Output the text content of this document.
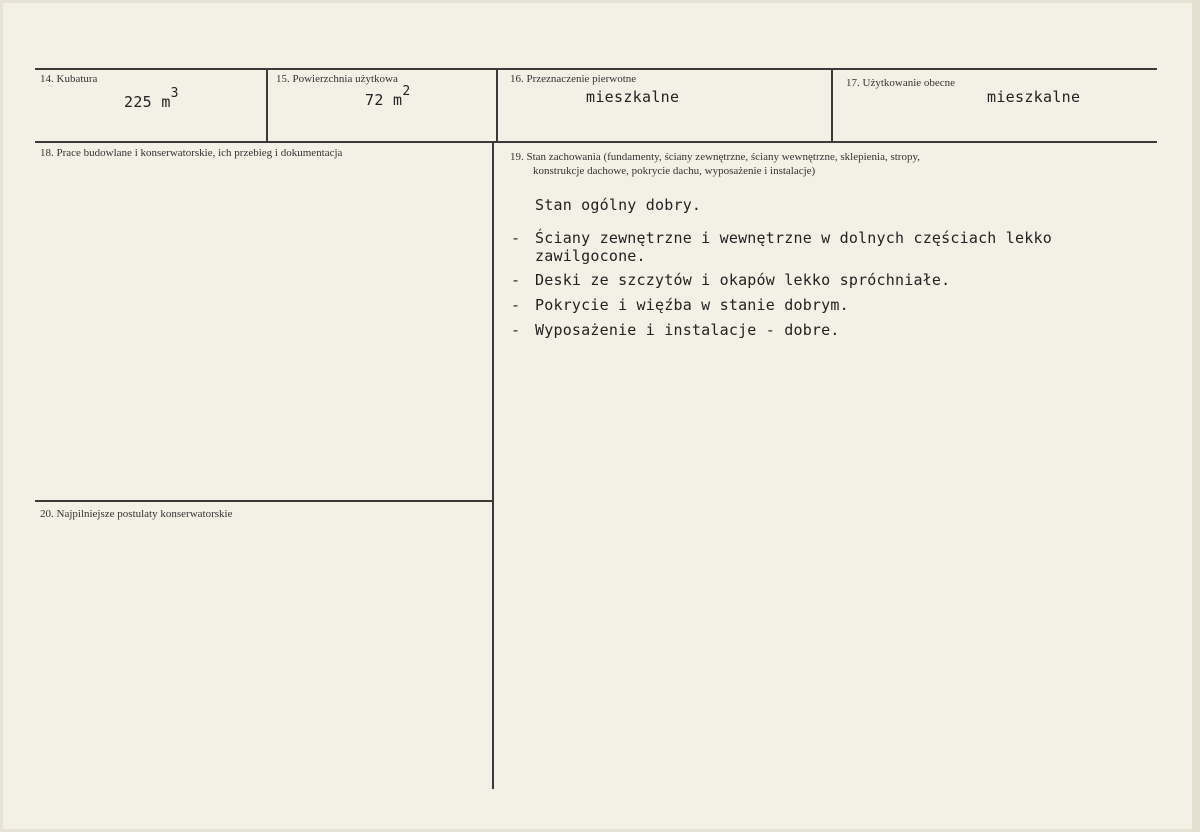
14. Kubatura
225 $m^3$
15. Powierzchnia użytkowa
72 $m^2$
16. Przeznaczenie pierwotne
mieszkalne
17. Użytkowanie obecne
mieszkalne
18. Prace budowlane i konserwatorskie, ich przebieg i dokumentacja	19. Stan zachowania (fundamenty, ściany zewnętrzne, ściany wewnętrzne, sklepienia, stropy,
konstrukcje dachowe, pokrycie dachu, wyposażenie i instalacje)
Stan ogólny dobry.
- Ściany zewnętrzne i wewnętrzne w dolnych częściach lekko
zawilgocone.
- Deski ze szczytów i okapów lekko spróchniałe.
- Pokrycie i więźba w stanie dobrym.
- Wyposażenie i instalacje - dobre.
20. Najpilniejsze postulaty konserwatorskie
